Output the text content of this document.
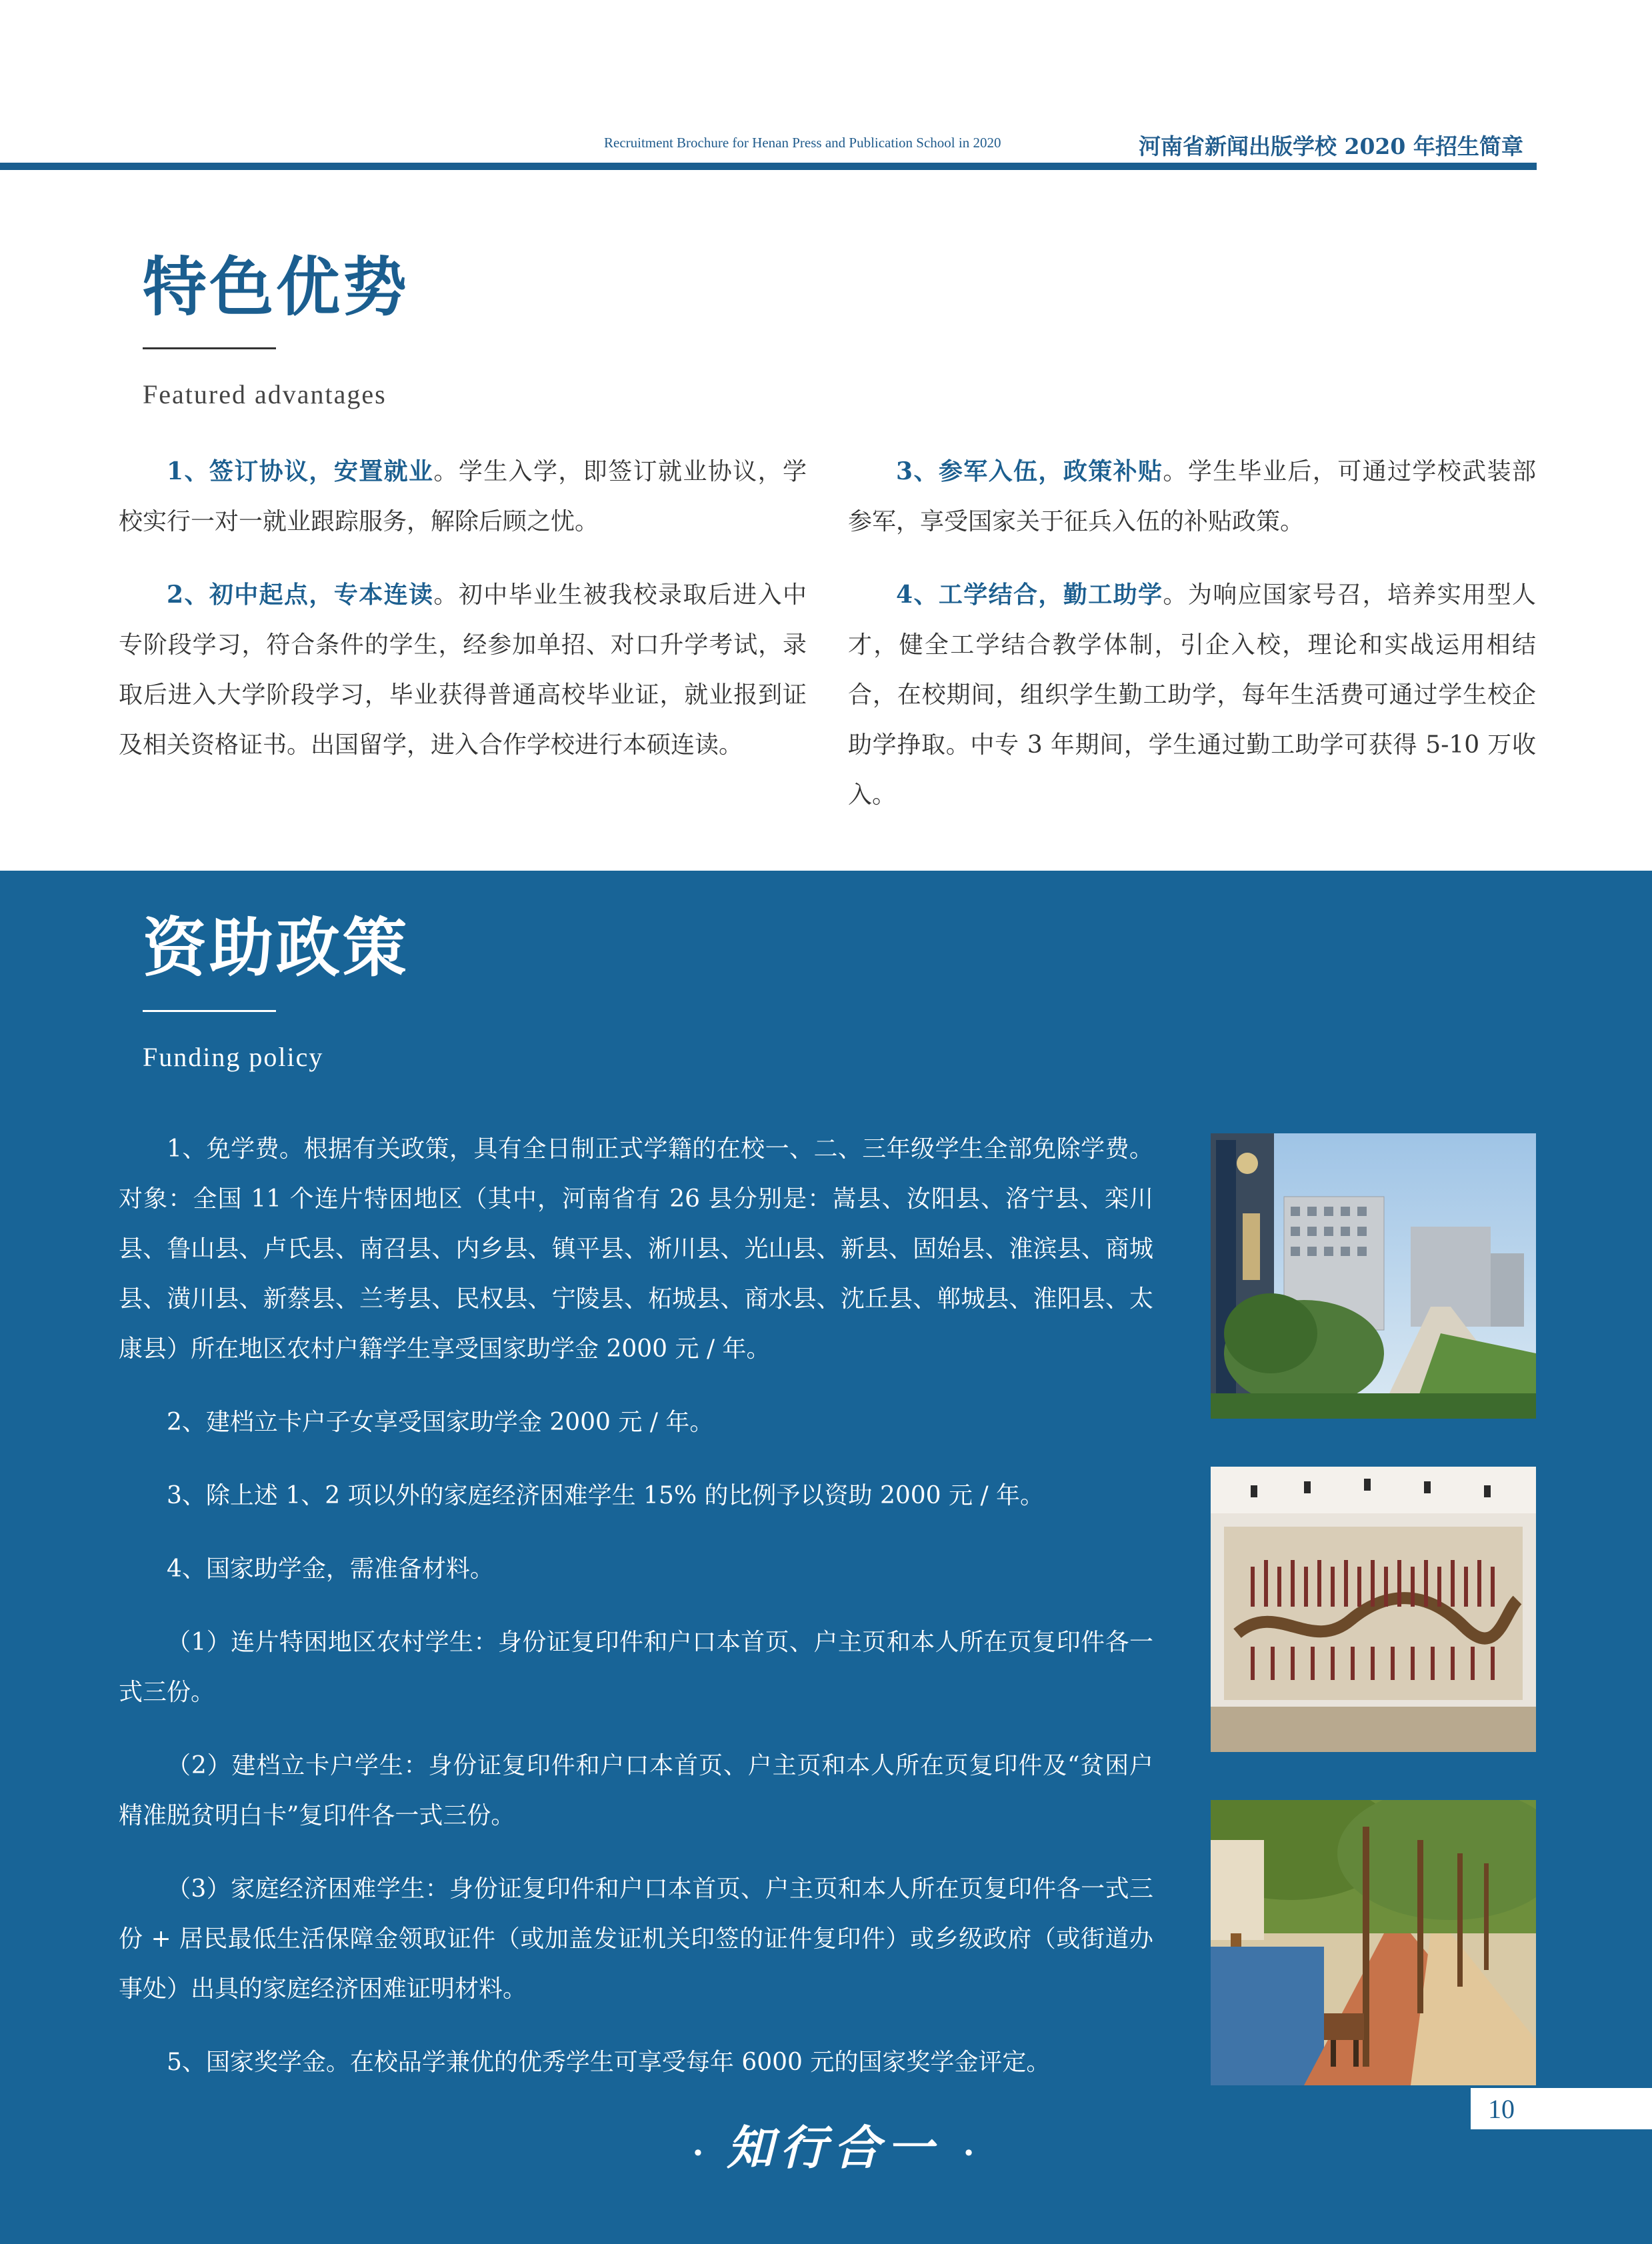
Recruitment Brochure for Henan Press and Publication School in 2020	河南省新闻出版学校 2020 年招生简章
特色优势
Featured advantages

1、签订协议，安置就业。学生入学，即签订就业协议，学校实行一对一就业跟踪服务，解除后顾之忧。

2、初中起点，专本连读。初中毕业生被我校录取后进入中专阶段学习，符合条件的学生，经参加单招、对口升学考试，录取后进入大学阶段学习，毕业获得普通高校毕业证，就业报到证及相关资格证书。出国留学，进入合作学校进行本硕连读。

3、参军入伍，政策补贴。学生毕业后，可通过学校武装部参军，享受国家关于征兵入伍的补贴政策。

4、工学结合，勤工助学。为响应国家号召，培养实用型人才，健全工学结合教学体制，引企入校，理论和实战运用相结合，在校期间，组织学生勤工助学，每年生活费可通过学生校企助学挣取。中专 3 年期间，学生通过勤工助学可获得 5-10 万收入。

资助政策
Funding policy

1、免学费。根据有关政策，具有全日制正式学籍的在校一、二、三年级学生全部免除学费。对象：全国 11 个连片特困地区（其中，河南省有 26 县分别是：嵩县、汝阳县、洛宁县、栾川县、鲁山县、卢氏县、南召县、内乡县、镇平县、淅川县、光山县、新县、固始县、淮滨县、商城县、潢川县、新蔡县、兰考县、民权县、宁陵县、柘城县、商水县、沈丘县、郸城县、淮阳县、太康县）所在地区农村户籍学生享受国家助学金 2000 元 / 年。

2、建档立卡户子女享受国家助学金 2000 元 / 年。

3、除上述 1、2 项以外的家庭经济困难学生 15% 的比例予以资助 2000 元 / 年。

4、国家助学金，需准备材料。

（1）连片特困地区农村学生：身份证复印件和户口本首页、户主页和本人所在页复印件各一式三份。

（2）建档立卡户学生：身份证复印件和户口本首页、户主页和本人所在页复印件及“贫困户精准脱贫明白卡”复印件各一式三份。

（3）家庭经济困难学生：身份证复印件和户口本首页、户主页和本人所在页复印件各一式三份 + 居民最低生活保障金领取证件（或加盖发证机关印签的证件复印件）或乡级政府（或街道办事处）出具的家庭经济困难证明材料。

5、国家奖学金。在校品学兼优的优秀学生可享受每年 6000 元的国家奖学金评定。

· 知行合一 ·
10
